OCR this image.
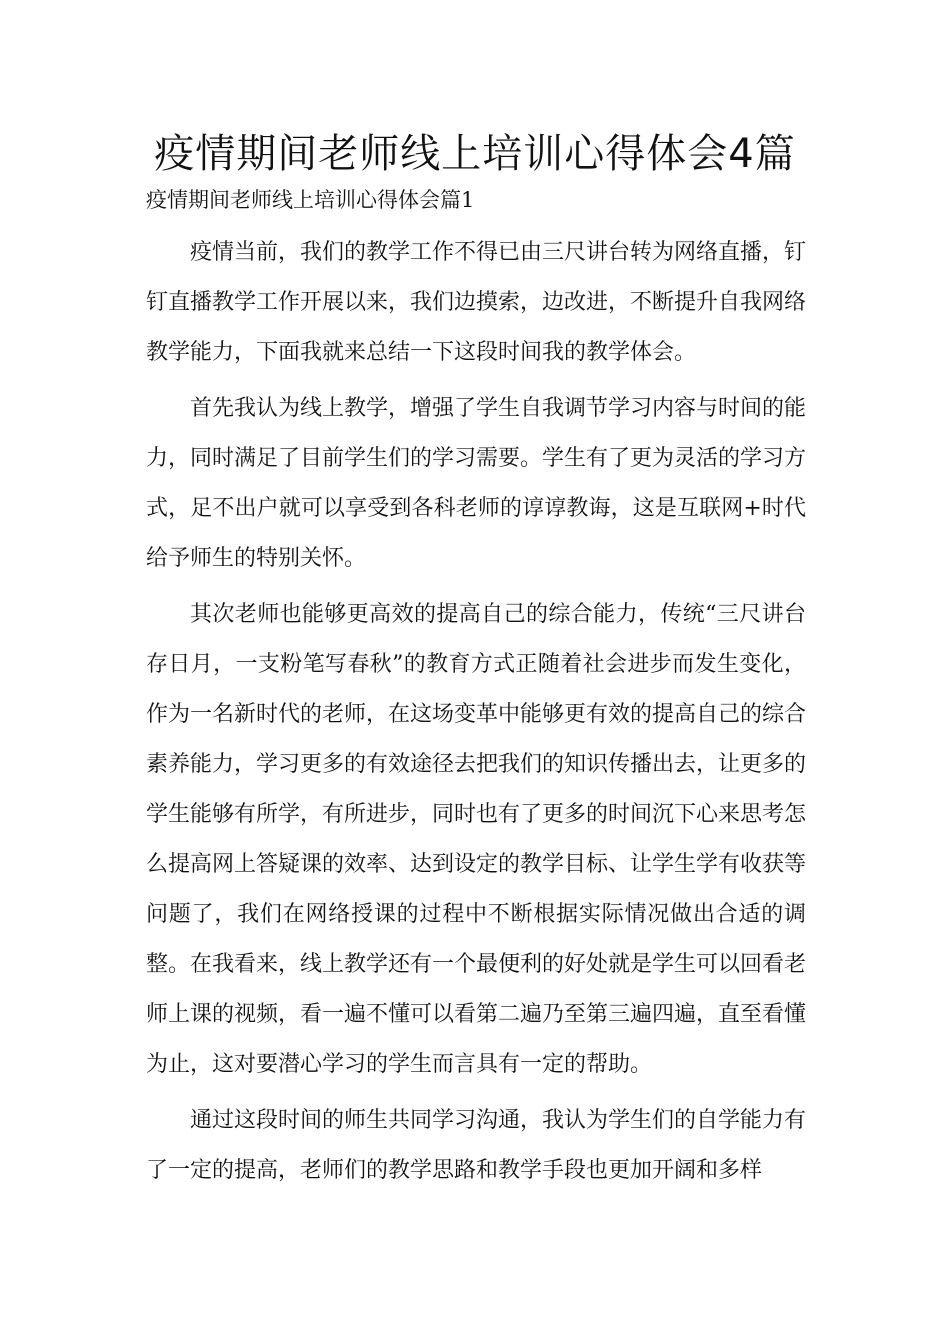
疫情期间老师线上培训心得体会4篇

疫情期间老师线上培训心得体会篇1

疫情当前，我们的教学工作不得已由三尺讲台转为网络直播，钉钉直播教学工作开展以来，我们边摸索，边改进，不断提升自我网络教学能力，下面我就来总结一下这段时间我的教学体会。

首先我认为线上教学，增强了学生自我调节学习内容与时间的能力，同时满足了目前学生们的学习需要。学生有了更为灵活的学习方式，足不出户就可以享受到各科老师的谆谆教诲，这是互联网+时代给予师生的特别关怀。

其次老师也能够更高效的提高自己的综合能力，传统“三尺讲台存日月，一支粉笔写春秋”的教育方式正随着社会进步而发生变化，作为一名新时代的老师，在这场变革中能够更有效的提高自己的综合素养能力，学习更多的有效途径去把我们的知识传播出去，让更多的学生能够有所学，有所进步，同时也有了更多的时间沉下心来思考怎么提高网上答疑课的效率、达到设定的教学目标、让学生学有收获等问题了，我们在网络授课的过程中不断根据实际情况做出合适的调整。在我看来，线上教学还有一个最便利的好处就是学生可以回看老师上课的视频，看一遍不懂可以看第二遍乃至第三遍四遍，直至看懂为止，这对要潜心学习的学生而言具有一定的帮助。

通过这段时间的师生共同学习沟通，我认为学生们的自学能力有了一定的提高，老师们的教学思路和教学手段也更加开阔和多样
